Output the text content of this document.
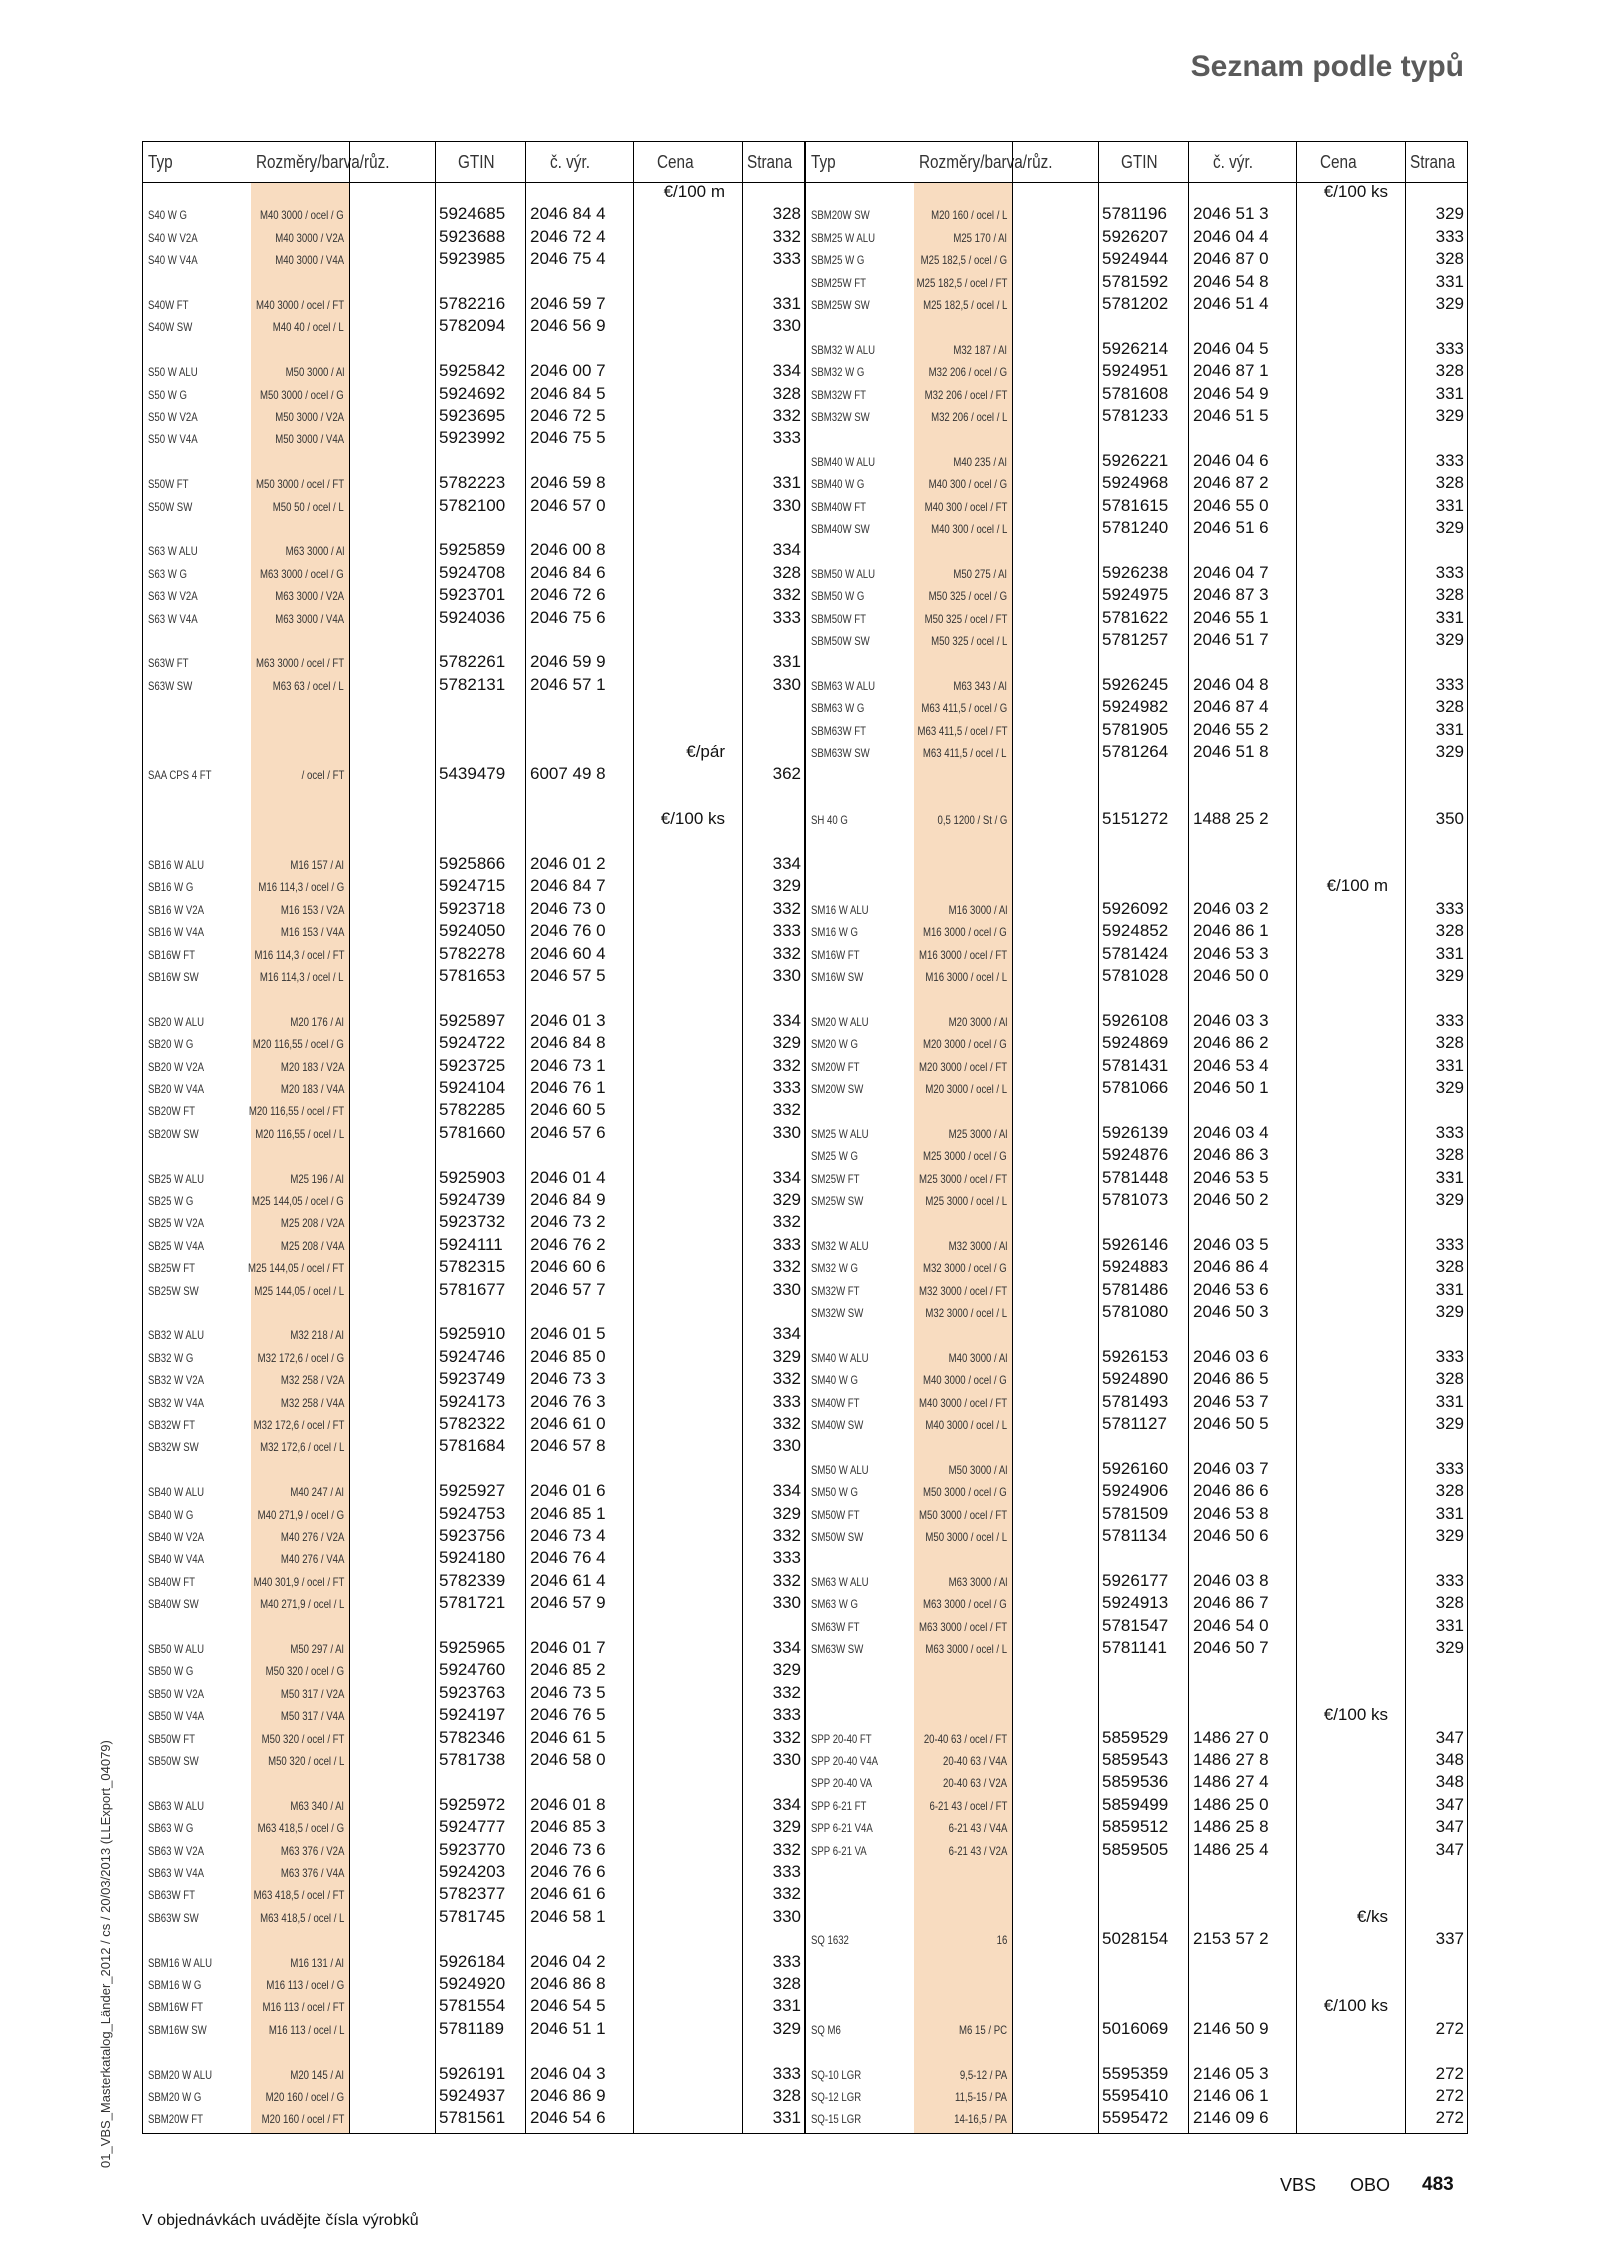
Seznam podle typů
Typ	Rozměry/barva/růz.	GTIN	č. výr.	Cena	Strana
€/100 m
€/pár
€/100 ks
S40 W G	M40 3000 / ocel / G	5924685 2046 84 4	328
S40 W V2A	M40 3000 / V2A	5923688 2046 72 4	332
S40 W V4A	M40 3000 / V4A	5923985 2046 75 4	333
S40W FT	M40 3000 / ocel / FT	5782216 2046 59 7	331
S40W SW	M40 40 / ocel / L	5782094 2046 56 9	330
S50 W ALU	M50 3000 / Al	5925842 2046 00 7	334
S50 W G	M50 3000 / ocel / G	5924692 2046 84 5	328
S50 W V2A	M50 3000 / V2A	5923695 2046 72 5	332
S50 W V4A	M50 3000 / V4A	5923992 2046 75 5	333
S50W FT	M50 3000 / ocel / FT	5782223 2046 59 8	331
S50W SW	M50 50 / ocel / L	5782100 2046 57 0	330
S63 W ALU	M63 3000 / Al	5925859 2046 00 8	334
S63 W G	M63 3000 / ocel / G	5924708 2046 84 6	328
S63 W V2A	M63 3000 / V2A	5923701 2046 72 6	332
S63 W V4A	M63 3000 / V4A	5924036 2046 75 6	333
S63W FT	M63 3000 / ocel / FT	5782261 2046 59 9	331
S63W SW	M63 63 / ocel / L	5782131 2046 57 1	330
SAA CPS 4 FT	/ ocel / FT	5439479 6007 49 8	362
SB16 W ALU	M16 157 / Al	5925866 2046 01 2	334
SB16 W G	M16 114,3 / ocel / G	5924715 2046 84 7	329
SB16 W V2A	M16 153 / V2A	5923718 2046 73 0	332
SB16 W V4A	M16 153 / V4A	5924050 2046 76 0	333
SB16W FT	M16 114,3 / ocel / FT	5782278 2046 60 4	332
SB16W SW	M16 114,3 / ocel / L	5781653 2046 57 5	330
SB20 W ALU	M20 176 / Al	5925897 2046 01 3	334
SB20 W G	M20 116,55 / ocel / G	5924722 2046 84 8	329
SB20 W V2A	M20 183 / V2A	5923725 2046 73 1	332
SB20 W V4A	M20 183 / V4A	5924104 2046 76 1	333
SB20W FT	M20 116,55 / ocel / FT	5782285 2046 60 5	332
SB20W SW	M20 116,55 / ocel / L	5781660 2046 57 6	330
SB25 W ALU	M25 196 / Al	5925903 2046 01 4	334
SB25 W G	M25 144,05 / ocel / G	5924739 2046 84 9	329
SB25 W V2A	M25 208 / V2A	5923732 2046 73 2	332
SB25 W V4A	M25 208 / V4A	5924111 2046 76 2	333
SB25W FT	M25 144,05 / ocel / FT	5782315 2046 60 6	332
SB25W SW	M25 144,05 / ocel / L	5781677 2046 57 7	330
SB32 W ALU	M32 218 / Al	5925910 2046 01 5	334
SB32 W G	M32 172,6 / ocel / G	5924746 2046 85 0	329
SB32 W V2A	M32 258 / V2A	5923749 2046 73 3	332
SB32 W V4A	M32 258 / V4A	5924173 2046 76 3	333
SB32W FT	M32 172,6 / ocel / FT	5782322 2046 61 0	332
SB32W SW	M32 172,6 / ocel / L	5781684 2046 57 8	330
SB40 W ALU	M40 247 / Al	5925927 2046 01 6	334
SB40 W G	M40 271,9 / ocel / G	5924753 2046 85 1	329
SB40 W V2A	M40 276 / V2A	5923756 2046 73 4	332
SB40 W V4A	M40 276 / V4A	5924180 2046 76 4	333
SB40W FT	M40 301,9 / ocel / FT	5782339 2046 61 4	332
SB40W SW	M40 271,9 / ocel / L	5781721 2046 57 9	330
SB50 W ALU	M50 297 / Al	5925965 2046 01 7	334
SB50 W G	M50 320 / ocel / G	5924760 2046 85 2	329
SB50 W V2A	M50 317 / V2A	5923763 2046 73 5	332
SB50 W V4A	M50 317 / V4A	5924197 2046 76 5	333
SB50W FT	M50 320 / ocel / FT	5782346 2046 61 5	332
SB50W SW	M50 320 / ocel / L	5781738 2046 58 0	330
SB63 W ALU	M63 340 / Al	5925972 2046 01 8	334
SB63 W G	M63 418,5 / ocel / G	5924777 2046 85 3	329
SB63 W V2A	M63 376 / V2A	5923770 2046 73 6	332
SB63 W V4A	M63 376 / V4A	5924203 2046 76 6	333
SB63W FT	M63 418,5 / ocel / FT	5782377 2046 61 6	332
SB63W SW	M63 418,5 / ocel / L	5781745 2046 58 1	330
SBM16 W ALU	M16 131 / Al	5926184 2046 04 2	333
SBM16 W G	M16 113 / ocel / G	5924920 2046 86 8	328
SBM16W FT	M16 113 / ocel / FT	5781554 2046 54 5	331
SBM16W SW	M16 113 / ocel / L	5781189 2046 51 1	329
SBM20 W ALU	M20 145 / Al	5926191 2046 04 3	333
SBM20 W G	M20 160 / ocel / G	5924937 2046 86 9	328
SBM20W FT	M20 160 / ocel / FT	5781561 2046 54 6	331
Typ	Rozměry/barva/růz.	GTIN	č. výr.	Cena	Strana
€/100 ks
€/100 m
€/100 ks
€/ks
€/100 ks
SBM20W SW	M20 160 / ocel / L	5781196 2046 51 3	329
SBM25 W ALU	M25 170 / Al	5926207 2046 04 4	333
SBM25 W G	M25 182,5 / ocel / G	5924944 2046 87 0	328
SBM25W FT	M25 182,5 / ocel / FT	5781592 2046 54 8	331
SBM25W SW	M25 182,5 / ocel / L	5781202 2046 51 4	329
SBM32 W ALU	M32 187 / Al	5926214 2046 04 5	333
SBM32 W G	M32 206 / ocel / G	5924951 2046 87 1	328
SBM32W FT	M32 206 / ocel / FT	5781608 2046 54 9	331
SBM32W SW	M32 206 / ocel / L	5781233 2046 51 5	329
SBM40 W ALU	M40 235 / Al	5926221 2046 04 6	333
SBM40 W G	M40 300 / ocel / G	5924968 2046 87 2	328
SBM40W FT	M40 300 / ocel / FT	5781615 2046 55 0	331
SBM40W SW	M40 300 / ocel / L	5781240 2046 51 6	329
SBM50 W ALU	M50 275 / Al	5926238 2046 04 7	333
SBM50 W G	M50 325 / ocel / G	5924975 2046 87 3	328
SBM50W FT	M50 325 / ocel / FT	5781622 2046 55 1	331
SBM50W SW	M50 325 / ocel / L	5781257 2046 51 7	329
SBM63 W ALU	M63 343 / Al	5926245 2046 04 8	333
SBM63 W G	M63 411,5 / ocel / G	5924982 2046 87 4	328
SBM63W FT	M63 411,5 / ocel / FT	5781905 2046 55 2	331
SBM63W SW	M63 411,5 / ocel / L	5781264 2046 51 8	329
SH 40 G	0,5 1200 / St / G	5151272 1488 25 2	350
SM16 W ALU	M16 3000 / Al	5926092 2046 03 2	333
SM16 W G	M16 3000 / ocel / G	5924852 2046 86 1	328
SM16W FT	M16 3000 / ocel / FT	5781424 2046 53 3	331
SM16W SW	M16 3000 / ocel / L	5781028 2046 50 0	329
SM20 W ALU	M20 3000 / Al	5926108 2046 03 3	333
SM20 W G	M20 3000 / ocel / G	5924869 2046 86 2	328
SM20W FT	M20 3000 / ocel / FT	5781431 2046 53 4	331
SM20W SW	M20 3000 / ocel / L	5781066 2046 50 1	329
SM25 W ALU	M25 3000 / Al	5926139 2046 03 4	333
SM25 W G	M25 3000 / ocel / G	5924876 2046 86 3	328
SM25W FT	M25 3000 / ocel / FT	5781448 2046 53 5	331
SM25W SW	M25 3000 / ocel / L	5781073 2046 50 2	329
SM32 W ALU	M32 3000 / Al	5926146 2046 03 5	333
SM32 W G	M32 3000 / ocel / G	5924883 2046 86 4	328
SM32W FT	M32 3000 / ocel / FT	5781486 2046 53 6	331
SM32W SW	M32 3000 / ocel / L	5781080 2046 50 3	329
SM40 W ALU	M40 3000 / Al	5926153 2046 03 6	333
SM40 W G	M40 3000 / ocel / G	5924890 2046 86 5	328
SM40W FT	M40 3000 / ocel / FT	5781493 2046 53 7	331
SM40W SW	M40 3000 / ocel / L	5781127 2046 50 5	329
SM50 W ALU	M50 3000 / Al	5926160 2046 03 7	333
SM50 W G	M50 3000 / ocel / G	5924906 2046 86 6	328
SM50W FT	M50 3000 / ocel / FT	5781509 2046 53 8	331
SM50W SW	M50 3000 / ocel / L	5781134 2046 50 6	329
SM63 W ALU	M63 3000 / Al	5926177 2046 03 8	333
SM63 W G	M63 3000 / ocel / G	5924913 2046 86 7	328
SM63W FT	M63 3000 / ocel / FT	5781547 2046 54 0	331
SM63W SW	M63 3000 / ocel / L	5781141 2046 50 7	329
SPP 20-40 FT	20-40 63 / ocel / FT	5859529 1486 27 0	347
SPP 20-40 V4A	20-40 63 / V4A	5859543 1486 27 8	348
SPP 20-40 VA	20-40 63 / V2A	5859536 1486 27 4	348
SPP 6-21 FT	6-21 43 / ocel / FT	5859499 1486 25 0	347
SPP 6-21 V4A	6-21 43 / V4A	5859512 1486 25 8	347
SPP 6-21 VA	6-21 43 / V2A	5859505 1486 25 4	347
SQ 1632	16	5028154 2153 57 2	337
SQ M6	M6 15 / PC	5016069 2146 50 9	272
SQ-10 LGR	9,5-12 / PA	5595359 2146 05 3	272
SQ-12 LGR	11,5-15 / PA	5595410 2146 06 1	272
SQ-15 LGR	14-16,5 / PA	5595472 2146 09 6	272
01_VBS_Masterkatalog_Länder_2012 / cs / 20/03/2013 (LLExport_04079)
V objednávkách uvádějte čísla výrobků
VBS OBO 483
